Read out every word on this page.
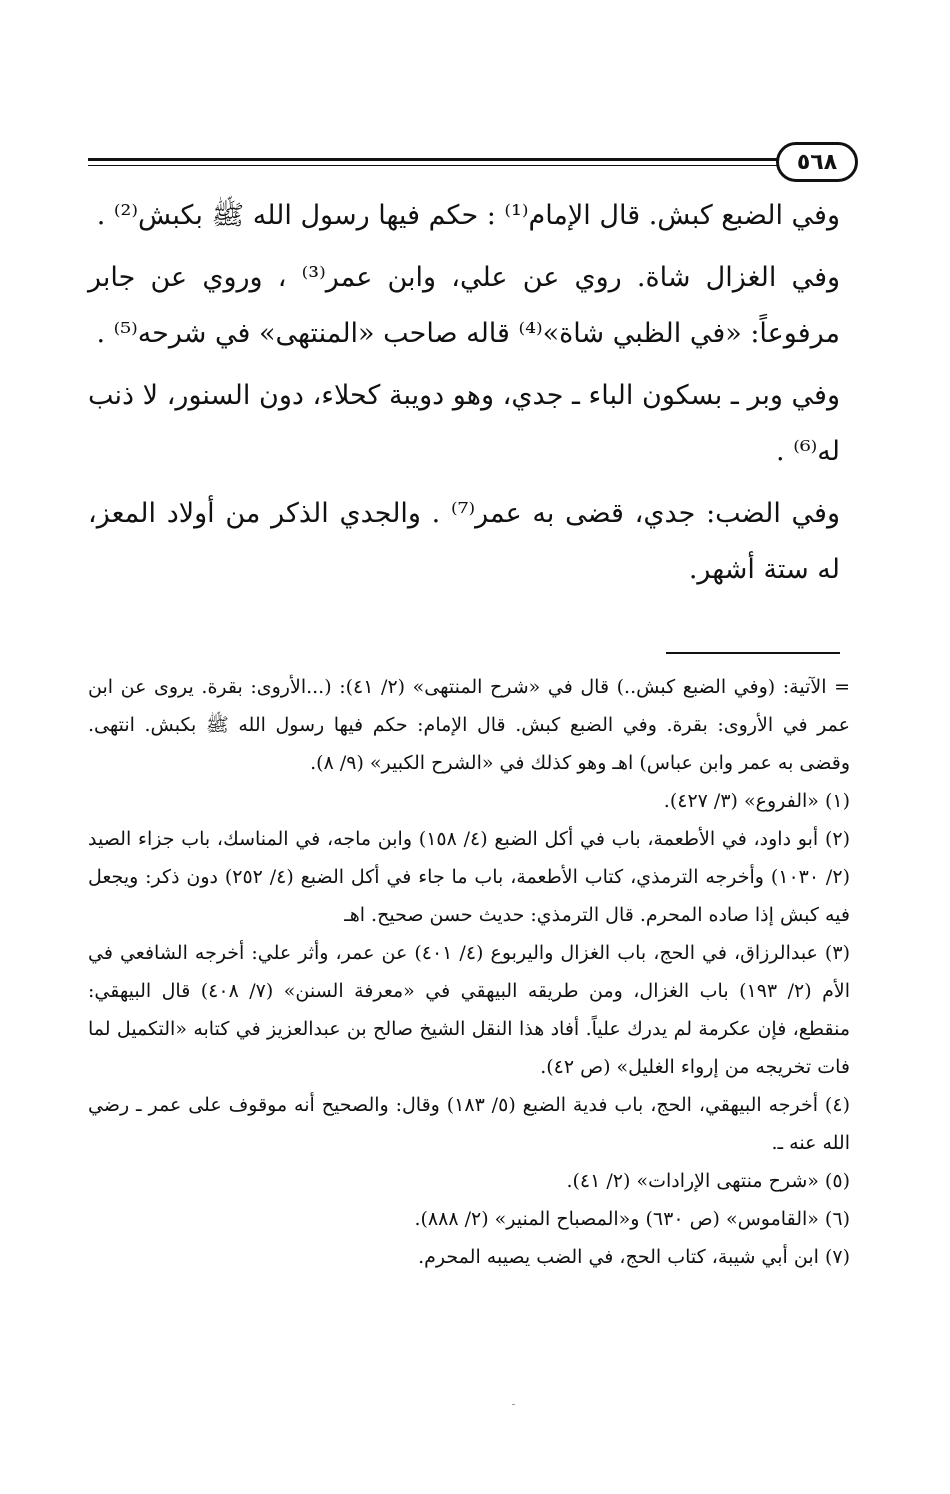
٥٦٨

وفي الضبع كبش. قال الإمام⁽¹⁾ : حكم فيها رسول الله ﷺ بكبش⁽²⁾ .

وفي الغزال شاة. روي عن علي، وابن عمر⁽³⁾ ، وروي عن جابر مرفوعاً: «في الظبي شاة»⁽⁴⁾ قاله صاحب «المنتهى» في شرحه⁽⁵⁾ .

وفي وبر ـ بسكون الباء ـ جدي، وهو دويبة كحلاء، دون السنور، لا ذنب له⁽⁶⁾ .

وفي الضب: جدي، قضى به عمر⁽⁷⁾ . والجدي الذكر من أولاد المعز، له ستة أشهر.

= الآتية: (وفي الضبع كبش..) قال في «شرح المنتهى» (٢/ ٤١): (...الأروى: بقرة. يروى عن ابن عمر في الأروى: بقرة. وفي الضبع كبش. قال الإمام: حكم فيها رسول الله ﷺ بكبش. انتهى. وقضى به عمر وابن عباس) اهـ وهو كذلك في «الشرح الكبير» (٩/ ٨).

(١) «الفروع» (٣/ ٤٢٧).

(٢) أبو داود، في الأطعمة، باب في أكل الضبع (٤/ ١٥٨) وابن ماجه، في المناسك، باب جزاء الصيد (٢/ ١٠٣٠) وأخرجه الترمذي، كتاب الأطعمة، باب ما جاء في أكل الضبع (٤/ ٢٥٢) دون ذكر: ويجعل فيه كبش إذا صاده المحرم. قال الترمذي: حديث حسن صحيح. اهـ

(٣) عبدالرزاق، في الحج، باب الغزال واليربوع (٤/ ٤٠١) عن عمر، وأثر علي: أخرجه الشافعي في الأم (٢/ ١٩٣) باب الغزال، ومن طريقه البيهقي في «معرفة السنن» (٧/ ٤٠٨) قال البيهقي: منقطع، فإن عكرمة لم يدرك علياً. أفاد هذا النقل الشيخ صالح بن عبدالعزيز في كتابه «التكميل لما فات تخريجه من إرواء الغليل» (ص ٤٢).

(٤) أخرجه البيهقي، الحج، باب فدية الضبع (٥/ ١٨٣) وقال: والصحيح أنه موقوف على عمر ـ رضي الله عنه ـ.

(٥) «شرح منتهى الإرادات» (٢/ ٤١).

(٦) «القاموس» (ص ٦٣٠) و«المصباح المنير» (٢/ ٨٨٨).

(٧) ابن أبي شيبة، كتاب الحج، في الضب يصيبه المحرم.
